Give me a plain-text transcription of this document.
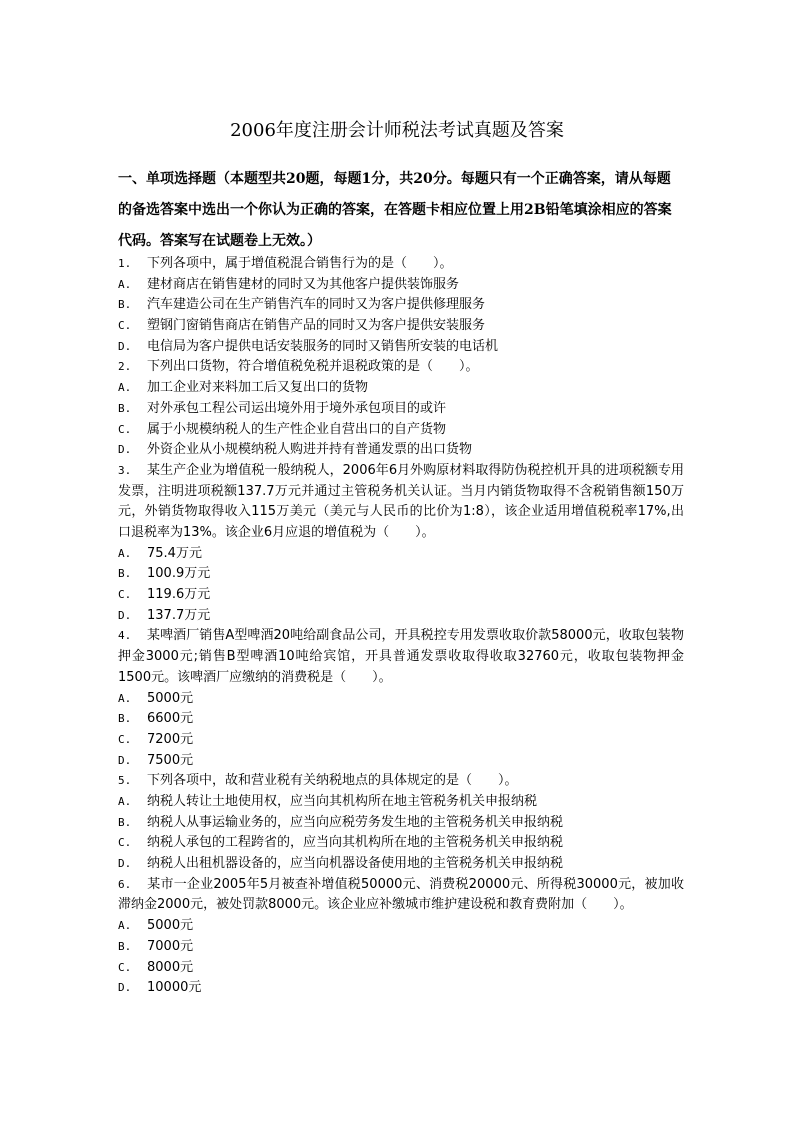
2006年度注册会计师税法考试真题及答案
一、单项选择题（本题型共20题，每题1分，共20分。每题只有一个正确答案，请从每题的备选答案中选出一个你认为正确的答案，在答题卡相应位置上用2B铅笔填涂相应的答案代码。答案写在试题卷上无效。）
1. 下列各项中，属于增值税混合销售行为的是（　　）。
A.	建材商店在销售建材的同时又为其他客户提供装饰服务
B.	汽车建造公司在生产销售汽车的同时又为客户提供修理服务
C.	塑钢门窗销售商店在销售产品的同时又为客户提供安装服务
D.	电信局为客户提供电话安装服务的同时又销售所安装的电话机
2. 下列出口货物，符合增值税免税并退税政策的是（　　）。
A.	加工企业对来料加工后又复出口的货物
B.	对外承包工程公司运出境外用于境外承包项目的或许
C.	属于小规模纳税人的生产性企业自营出口的自产货物
D.	外资企业从小规模纳税人购进并持有普通发票的出口货物
3. 某生产企业为增值税一般纳税人，2006年6月外购原材料取得防伪税控机开具的进项税额专用发票，注明进项税额137.7万元并通过主管税务机关认证。当月内销货物取得不含税销售额150万元，外销货物取得收入115万美元（美元与人民币的比价为1:8），该企业适用增值税税率17%,出口退税率为13%。该企业6月应退的增值税为（　　）。
A.	75.4万元
B.	100.9万元
C.	119.6万元
D.	137.7万元
4. 某啤酒厂销售A型啤酒20吨给副食品公司，开具税控专用发票收取价款58000元，收取包装物押金3000元;销售B型啤酒10吨给宾馆，开具普通发票收取得收取32760元，收取包装物押金1500元。该啤酒厂应缴纳的消费税是（　　）。
A.	5000元
B.	6600元
C.	7200元
D.	7500元
5. 下列各项中，故和营业税有关纳税地点的具体规定的是（　　）。
A.	纳税人转让土地使用权，应当向其机构所在地主管税务机关申报纳税
B.	纳税人从事运输业务的，应当向应税劳务发生地的主管税务机关申报纳税
C.	纳税人承包的工程跨省的，应当向其机构所在地的主管税务机关申报纳税
D.	纳税人出租机器设备的，应当向机器设备使用地的主管税务机关申报纳税
6. 某市一企业2005年5月被查补增值税50000元、消费税20000元、所得税30000元，被加收滞纳金2000元，被处罚款8000元。该企业应补缴城市维护建设税和教育费附加（　　）。
A.	5000元
B.	7000元
C.	8000元
D.	10000元
